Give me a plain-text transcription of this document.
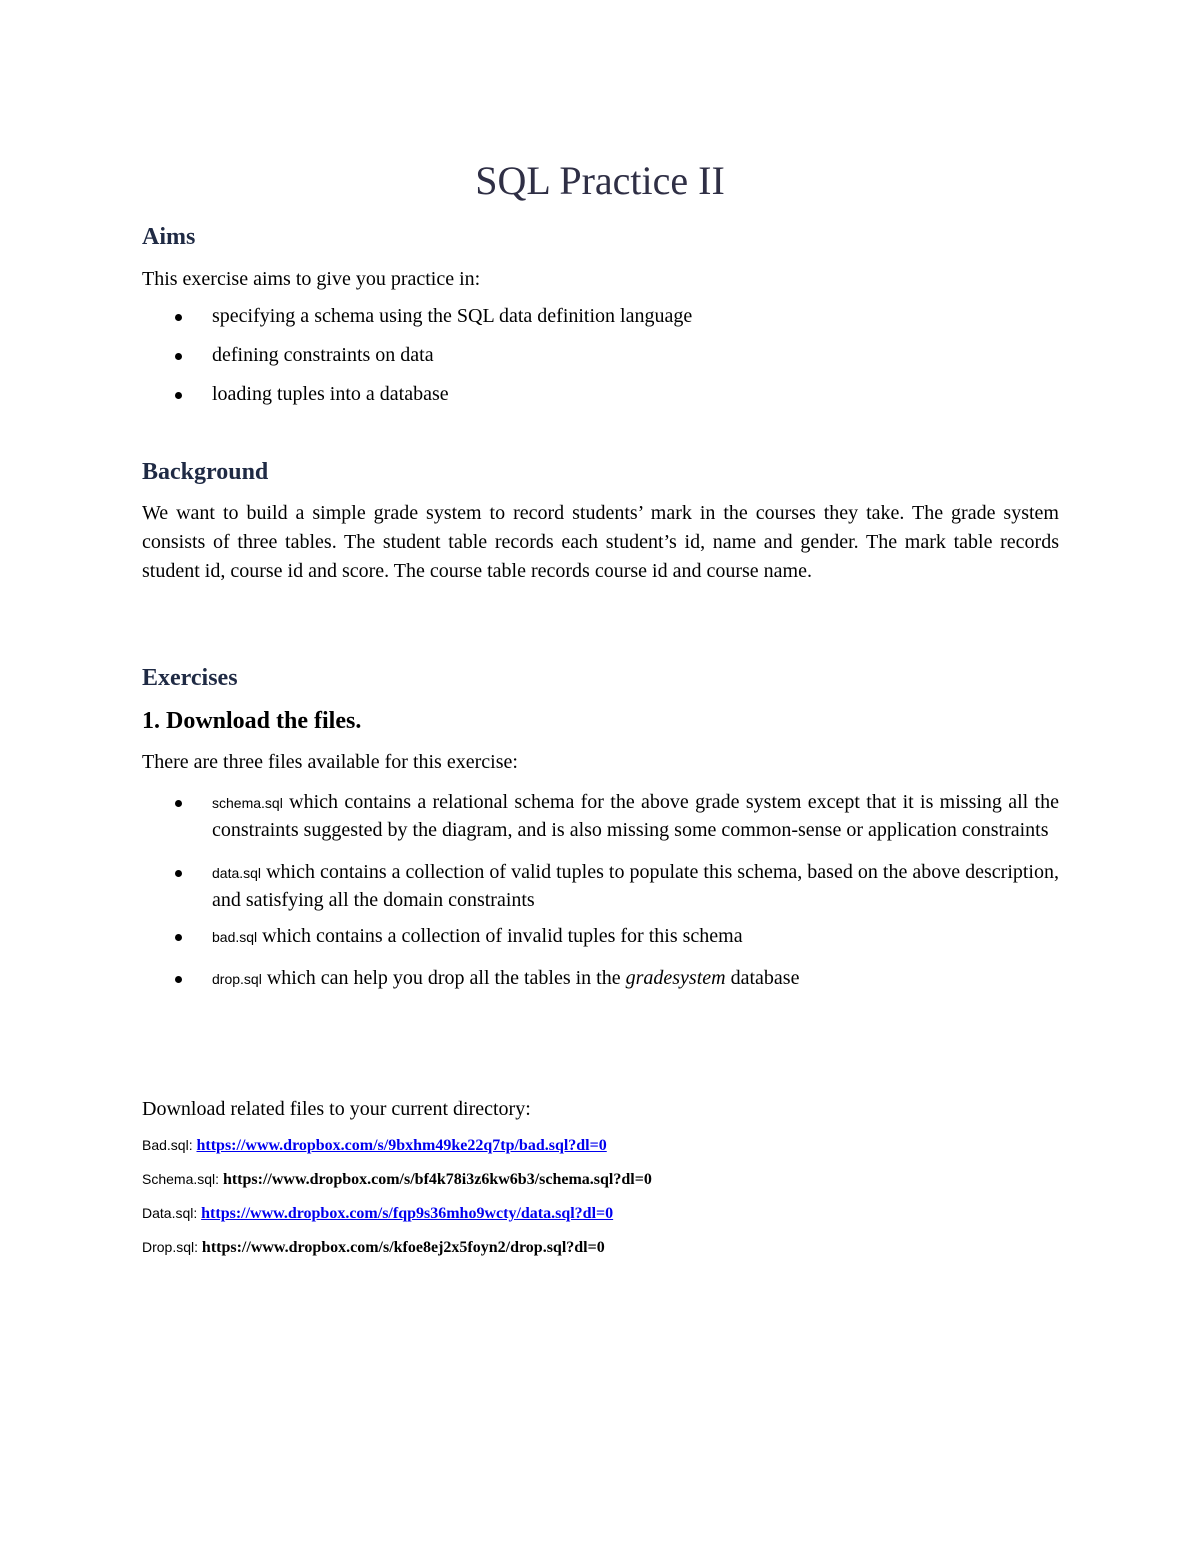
SQL Practice II
Aims

This exercise aims to give you practice in:

specifying a schema using the SQL data definition language
defining constraints on data
loading tuples into a database
Background

We want to build a simple grade system to record students’ mark in the courses they take. The grade system consists of three tables. The student table records each student’s id, name and gender. The mark table records student id, course id and score. The course table records course id and course name.

Exercises
1. Download the files.

There are three files available for this exercise:

schema.sql which contains a relational schema for the above grade system except that it is missing all the constraints suggested by the diagram, and is also missing some common-sense or application constraints
data.sql which contains a collection of valid tuples to populate this schema, based on the above description, and satisfying all the domain constraints
bad.sql which contains a collection of invalid tuples for this schema
drop.sql which can help you drop all the tables in the gradesystem database

Download related files to your current directory:

Bad.sql: https://www.dropbox.com/s/9bxhm49ke22q7tp/bad.sql?dl=0

Schema.sql: https://www.dropbox.com/s/bf4k78i3z6kw6b3/schema.sql?dl=0

Data.sql: https://www.dropbox.com/s/fqp9s36mho9wcty/data.sql?dl=0

Drop.sql: https://www.dropbox.com/s/kfoe8ej2x5foyn2/drop.sql?dl=0
